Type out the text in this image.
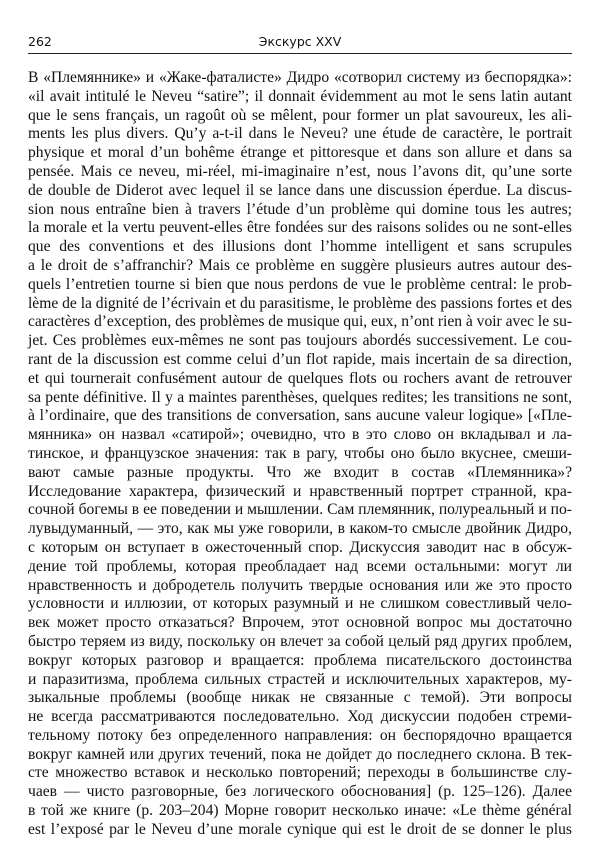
262	Экскурс XXV
В «Племяннике» и «Жаке-фаталисте» Дидро «сотворил систему из беспорядка»:
«il avait intitulé le Neveu “satire”; il donnait évidemment au mot le sens latin autant
que le sens français, un ragoût où se mêlent, pour former un plat savoureux, les ali-
ments les plus divers. Qu’y a-t-il dans le Neveu? une étude de caractère, le portrait
physique et moral d’un bohême étrange et pittoresque et dans son allure et dans sa
pensée. Mais ce neveu, mi-réel, mi-imaginaire n’est, nous l’avons dit, qu’une sorte
de double de Diderot avec lequel il se lance dans une discussion éperdue. La discus-
sion nous entraîne bien à travers l’étude d’un problème qui domine tous les autres;
la morale et la vertu peuvent-elles être fondées sur des raisons solides ou ne sont-elles
que des conventions et des illusions dont l’homme intelligent et sans scrupules
a le droit de s’affranchir? Mais ce problème en suggère plusieurs autres autour des-
quels l’entretien tourne si bien que nous perdons de vue le problème central: le prob-
lème de la dignité de l’écrivain et du parasitisme, le problème des passions fortes et des
caractères d’exception, des problèmes de musique qui, eux, n’ont rien à voir avec le su-
jet. Ces problèmes eux-mêmes ne sont pas toujours abordés successivement. Le cou-
rant de la discussion est comme celui d’un flot rapide, mais incertain de sa direction,
et qui tournerait confusément autour de quelques flots ou rochers avant de retrouver
sa pente définitive. Il y a maintes parenthèses, quelques redites; les transitions ne sont,
à l’ordinaire, que des transitions de conversation, sans aucune valeur logique» [«Пле-
мянника» он назвал «сатирой»; очевидно, что в это слово он вкладывал и ла-
тинское, и французское значения: так в рагу, чтобы оно было вкуснее, смеши-
вают самые разные продукты. Что же входит в состав «Племянника»?
Исследование характера, физический и нравственный портрет странной, кра-
сочной богемы в ее поведении и мышлении. Сам племянник, полуреальный и по-
лувыдуманный, — это, как мы уже говорили, в каком-то смысле двойник Дидро,
с которым он вступает в ожесточенный спор. Дискуссия заводит нас в обсуж-
дение той проблемы, которая преобладает над всеми остальными: могут ли
нравственность и добродетель получить твердые основания или же это просто
условности и иллюзии, от которых разумный и не слишком совестливый чело-
век может просто отказаться? Впрочем, этот основной вопрос мы достаточно
быстро теряем из виду, поскольку он влечет за собой целый ряд других проблем,
вокруг которых разговор и вращается: проблема писательского достоинства
и паразитизма, проблема сильных страстей и исключительных характеров, му-
зыкальные проблемы (вообще никак не связанные с темой). Эти вопросы
не всегда рассматриваются последовательно. Ход дискуссии подобен стреми-
тельному потоку без определенного направления: он беспорядочно вращается
вокруг камней или других течений, пока не дойдет до последнего склона. В тек-
сте множество вставок и несколько повторений; переходы в большинстве слу-
чаев — чисто разговорные, без логического обоснования] (p. 125–126). Далее
в той же книге (p. 203–204) Морне говорит несколько иначе: «Le thème général
est l’exposé par le Neveu d’une morale cynique qui est le droit de se donner le plus
